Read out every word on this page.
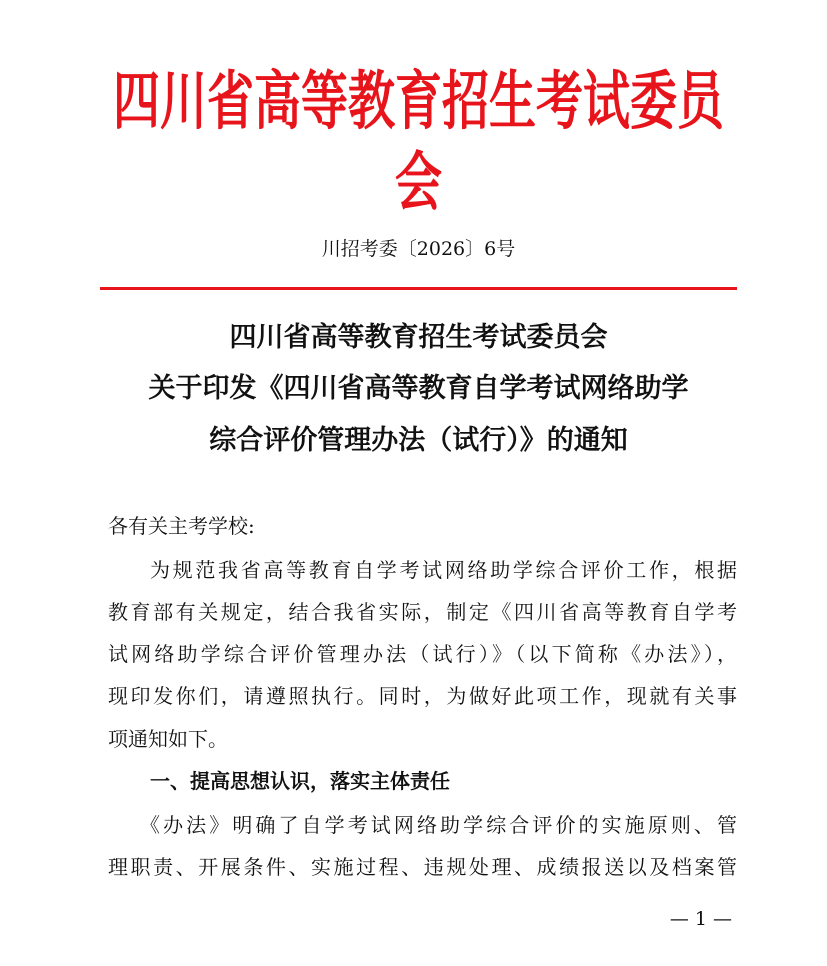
四川省高等教育招生考试委员会
川招考委〔2026〕6号
四川省高等教育招生考试委员会
关于印发《四川省高等教育自学考试网络助学
综合评价管理办法（试行）》的通知
各有关主考学校:
为规范我省高等教育自学考试网络助学综合评价工作，根据
教育部有关规定，结合我省实际，制定《四川省高等教育自学考
试网络助学综合评价管理办法（试行）》（以下简称《办法》），
现印发你们，请遵照执行。同时，为做好此项工作，现就有关事
项通知如下。
一、提高思想认识，落实主体责任
《办法》明确了自学考试网络助学综合评价的实施原则、管
理职责、开展条件、实施过程、违规处理、成绩报送以及档案管
— 1 —
